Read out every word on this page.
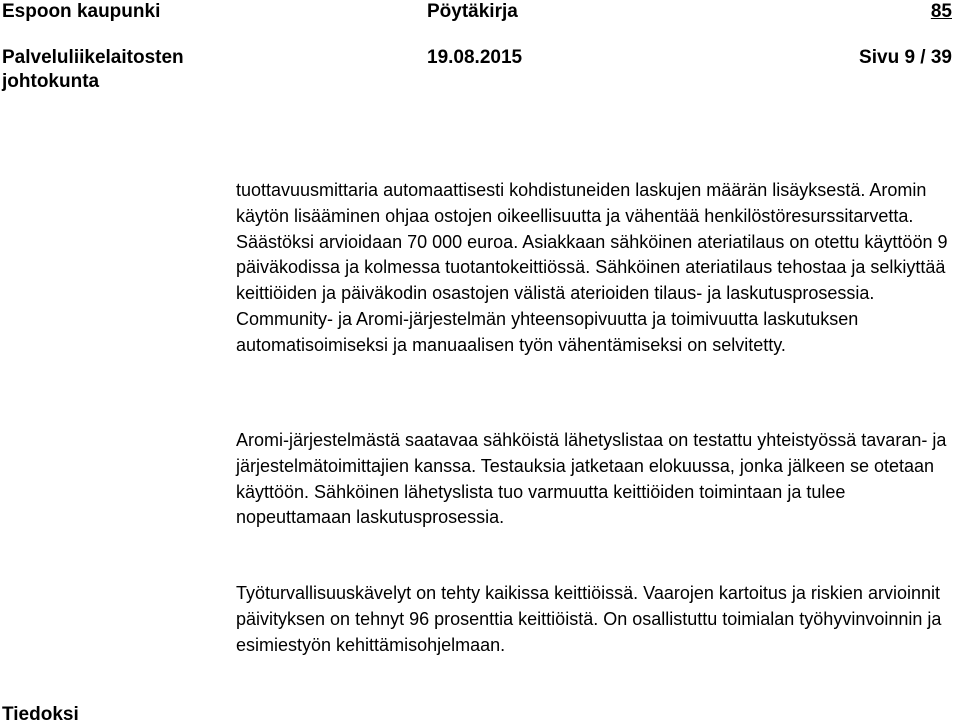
Espoon kaupunki	Pöytäkirja	85
Palveluliikelaitosten johtokunta
19.08.2015	Sivu 9 / 39

tuottavuusmittaria automaattisesti kohdistuneiden laskujen määrän lisäyksestä. Aromin käytön lisääminen ohjaa ostojen oikeellisuutta ja vähentää henkilöstöresurssitarvetta. Säästöksi arvioidaan 70 000 euroa. Asiakkaan sähköinen ateriatilaus on otettu käyttöön 9 päiväkodissa ja kolmessa tuotantokeittiössä. Sähköinen ateriatilaus tehostaa ja selkiyttää keittiöiden ja päiväkodin osastojen välistä aterioiden tilaus- ja laskutusprosessia. Community- ja Aromi-järjestelmän yhteensopivuutta ja toimivuutta laskutuksen automatisoimiseksi ja manuaalisen työn vähentämiseksi on selvitetty.

Aromi-järjestelmästä saatavaa sähköistä lähetyslistaa on testattu yhteistyössä tavaran- ja järjestelmätoimittajien kanssa. Testauksia jatketaan elokuussa, jonka jälkeen se otetaan käyttöön. Sähköinen lähetyslista tuo varmuutta keittiöiden toimintaan ja tulee nopeuttamaan laskutusprosessia.

Työturvallisuuskävelyt on tehty kaikissa keittiöissä. Vaarojen kartoitus ja riskien arvioinnit päivityksen on tehnyt 96 prosenttia keittiöistä. On osallistuttu toimialan työhyvinvoinnin ja esimiestyön kehittämisohjelmaan.

Tiedoksi
